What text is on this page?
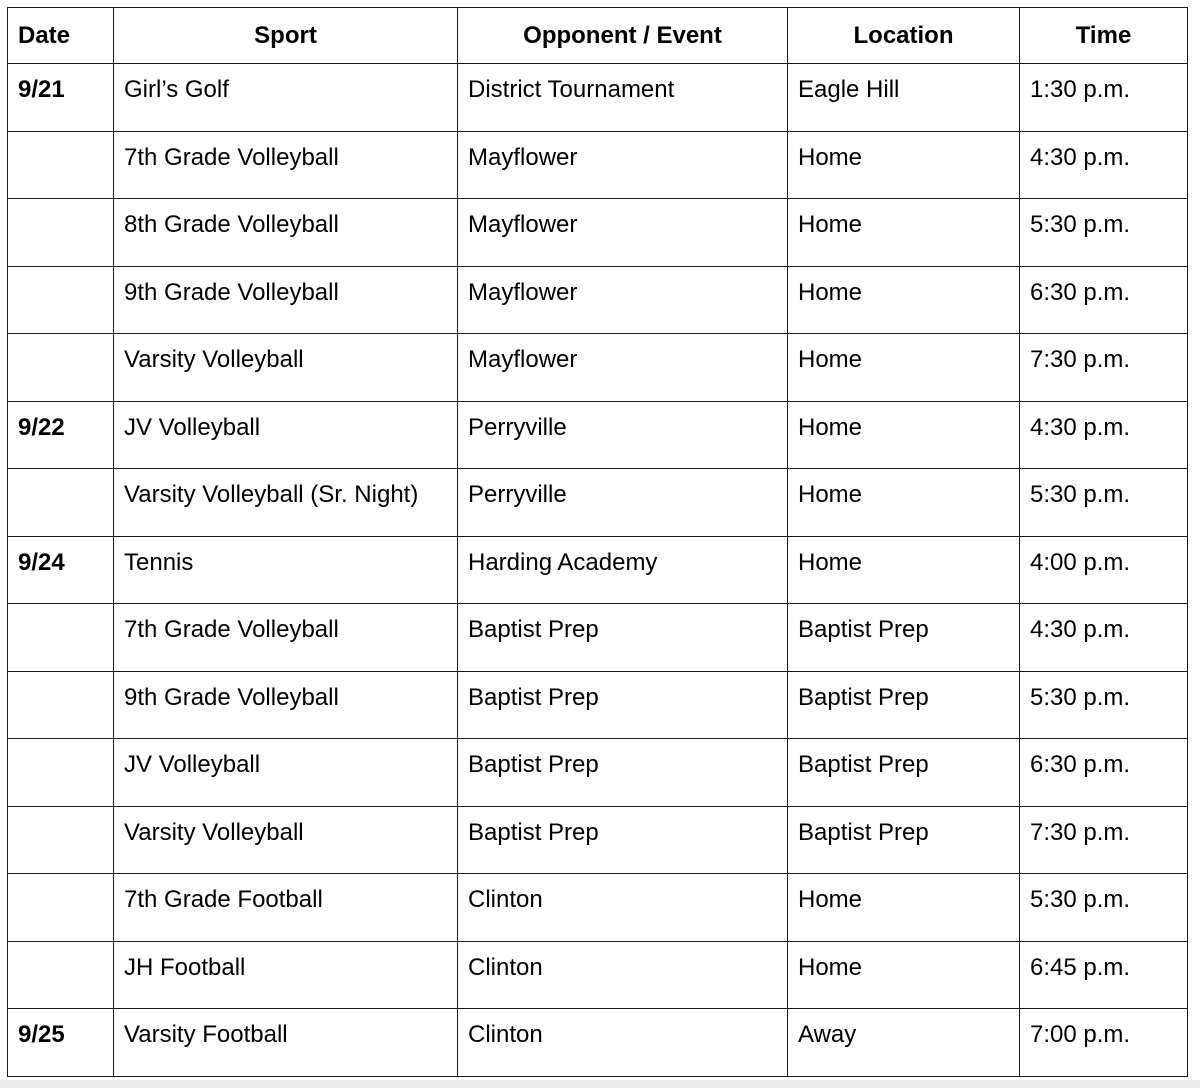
Date	Sport	Opponent / Event	Location	Time
9/21	Girl’s Golf	District Tournament	Eagle Hill	1:30 p.m.
	7th Grade Volleyball	Mayflower	Home	4:30 p.m.
	8th Grade Volleyball	Mayflower	Home	5:30 p.m.
	9th Grade Volleyball	Mayflower	Home	6:30 p.m.
	Varsity Volleyball	Mayflower	Home	7:30 p.m.
9/22	JV Volleyball	Perryville	Home	4:30 p.m.
	Varsity Volleyball (Sr. Night)	Perryville	Home	5:30 p.m.
9/24	Tennis	Harding Academy	Home	4:00 p.m.
	7th Grade Volleyball	Baptist Prep	Baptist Prep	4:30 p.m.
	9th Grade Volleyball	Baptist Prep	Baptist Prep	5:30 p.m.
	JV Volleyball	Baptist Prep	Baptist Prep	6:30 p.m.
	Varsity Volleyball	Baptist Prep	Baptist Prep	7:30 p.m.
	7th Grade Football	Clinton	Home	5:30 p.m.
	JH Football	Clinton	Home	6:45 p.m.
9/25	Varsity Football	Clinton	Away	7:00 p.m.
